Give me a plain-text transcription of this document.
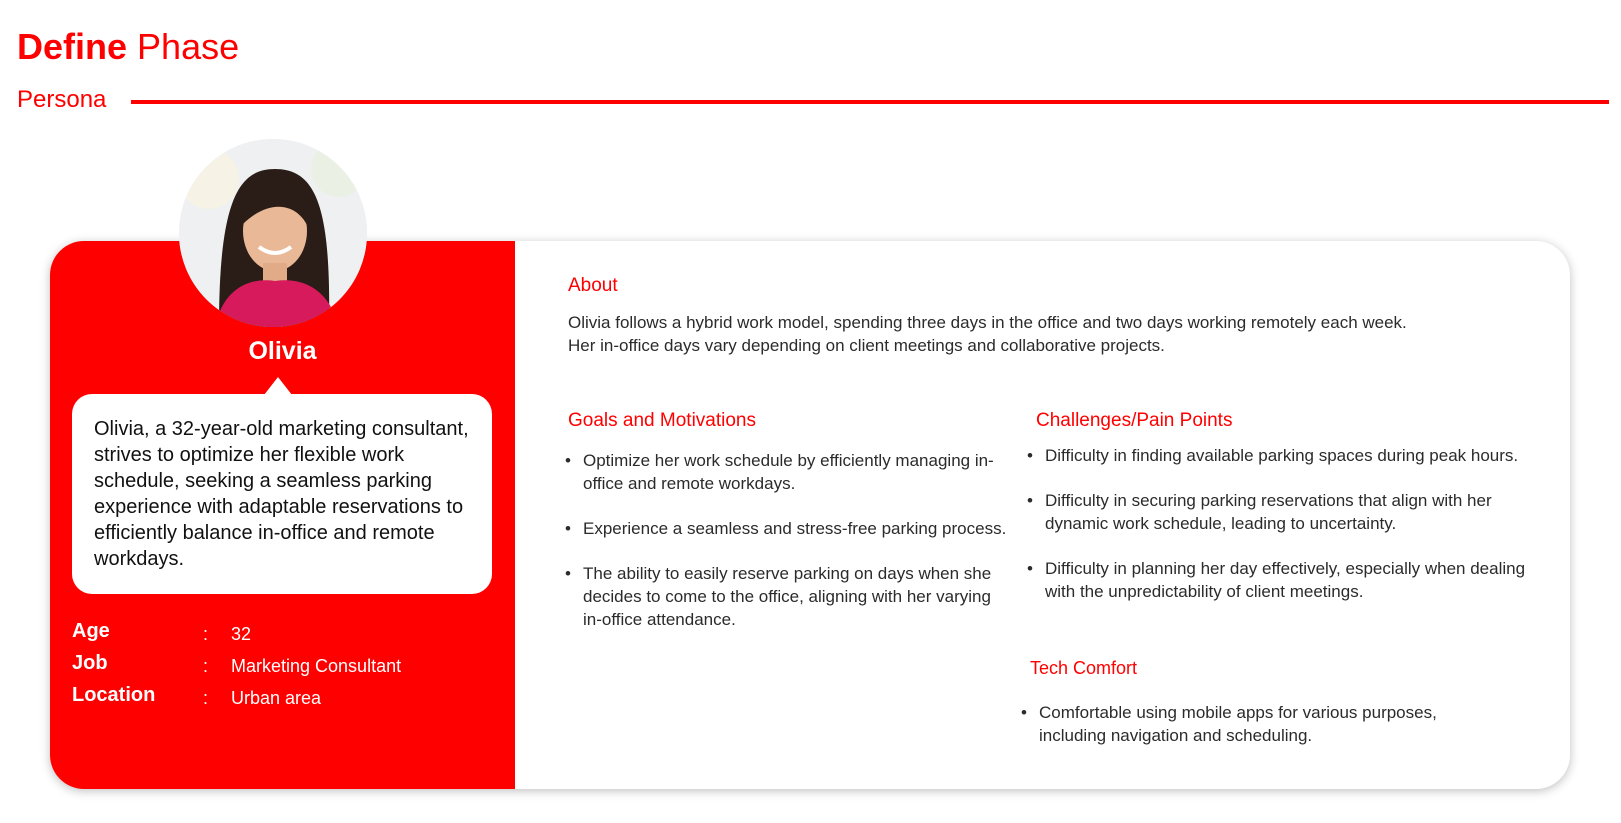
Define Phase
Persona
Olivia

Olivia, a 32-year-old marketing consultant, strives to optimize her flexible work schedule, seeking a seamless parking experience with adaptable reservations to efficiently balance in-office and remote workdays.

Age	: 32
Job	: Marketing Consultant
Location	: Urban area
About

Olivia follows a hybrid work model, spending three days in the office and two days working remotely each week.

Her in-office days vary depending on client meetings and collaborative projects.

Goals and Motivations
• Optimize her work schedule by efficiently managing in-office and remote workdays.
• Experience a seamless and stress-free parking process.
• The ability to easily reserve parking on days when she decides to come to the office, aligning with her varying in-office attendance.
Challenges/Pain Points
• Difficulty in finding available parking spaces during peak hours.
• Difficulty in securing parking reservations that align with her dynamic work schedule, leading to uncertainty.
• Difficulty in planning her day effectively, especially when dealing with the unpredictability of client meetings.
Tech Comfort
• Comfortable using mobile apps for various purposes, including navigation and scheduling.
